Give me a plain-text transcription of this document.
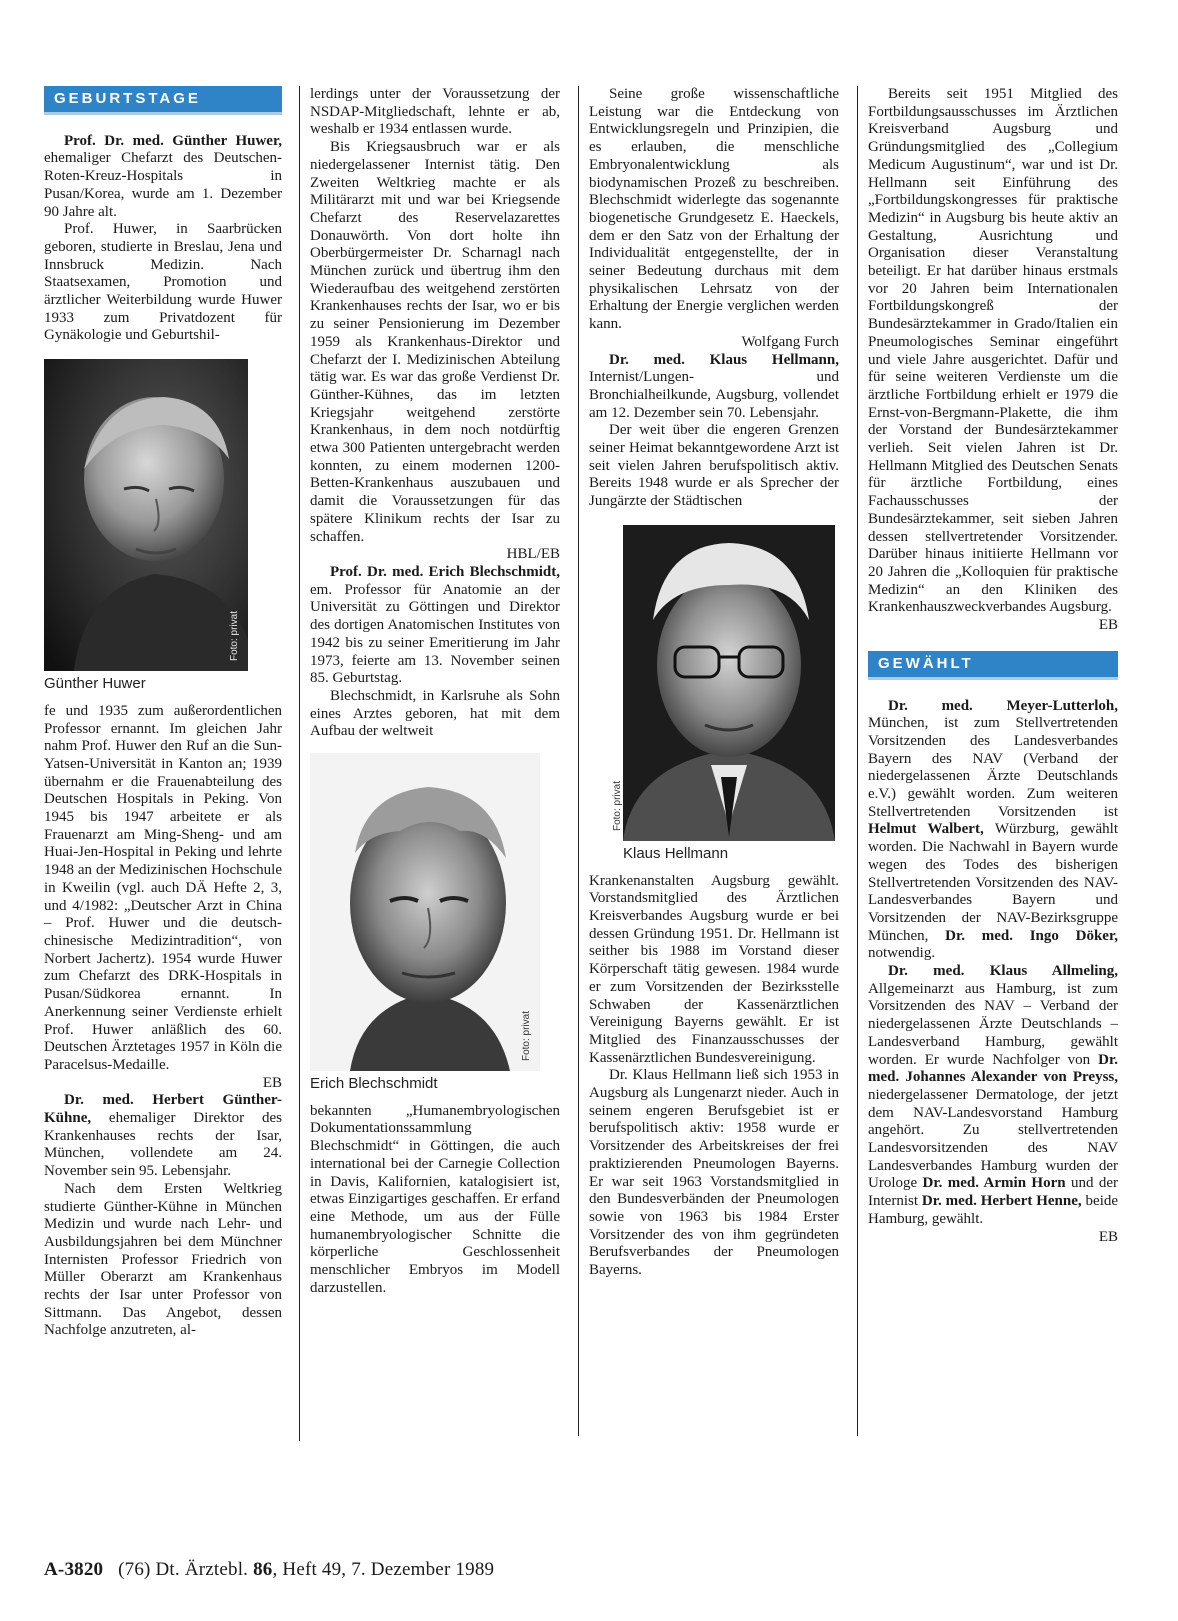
GEBURTSTAGE

Prof. Dr. med. Günther Huwer, ehemaliger Chefarzt des Deutschen-Roten-Kreuz-Hospitals in Pusan/Korea, wurde am 1. Dezember 90 Jahre alt.

Prof. Huwer, in Saarbrücken geboren, studierte in Breslau, Jena und Innsbruck Medizin. Nach Staatsexamen, Promotion und ärztlicher Weiterbildung wurde Huwer 1933 zum Privatdozent für Gynäkologie und Geburtshil-

Foto: privat
Günther Huwer

fe und 1935 zum außerordentlichen Professor ernannt. Im gleichen Jahr nahm Prof. Huwer den Ruf an die Sun-Yatsen-Universität in Kanton an; 1939 übernahm er die Frauenabteilung des Deutschen Hospitals in Peking. Von 1945 bis 1947 arbeitete er als Frauenarzt am Ming-Sheng- und am Huai-Jen-Hospital in Peking und lehrte 1948 an der Medizinischen Hochschule in Kweilin (vgl. auch DÄ Hefte 2, 3, und 4/1982: „Deutscher Arzt in China – Prof. Huwer und die deutsch-chinesische Medizintradition“, von Norbert Jachertz). 1954 wurde Huwer zum Chefarzt des DRK-Hospitals in Pusan/Südkorea ernannt. In Anerkennung seiner Verdienste erhielt Prof. Huwer anläßlich des 60. Deutschen Ärztetages 1957 in Köln die Paracelsus-Medaille.
EB

Dr. med. Herbert Günther-Kühne, ehemaliger Direktor des Krankenhauses rechts der Isar, München, vollendete am 24. November sein 95. Lebensjahr.

Nach dem Ersten Weltkrieg studierte Günther-Kühne in München Medizin und wurde nach Lehr- und Ausbildungsjahren bei dem Münchner Internisten Professor Friedrich von Müller Oberarzt am Krankenhaus rechts der Isar unter Professor von Sittmann. Das Angebot, dessen Nachfolge anzutreten, al-

lerdings unter der Voraussetzung der NSDAP-Mitgliedschaft, lehnte er ab, weshalb er 1934 entlassen wurde.

Bis Kriegsausbruch war er als niedergelassener Internist tätig. Den Zweiten Weltkrieg machte er als Militärarzt mit und war bei Kriegsende Chefarzt des Reservelazarettes Donauwörth. Von dort holte ihn Oberbürgermeister Dr. Scharnagl nach München zurück und übertrug ihm den Wiederaufbau des weitgehend zerstörten Krankenhauses rechts der Isar, wo er bis zu seiner Pensionierung im Dezember 1959 als Krankenhaus-Direktor und Chefarzt der I. Medizinischen Abteilung tätig war. Es war das große Verdienst Dr. Günther-Kühnes, das im letzten Kriegsjahr weitgehend zerstörte Krankenhaus, in dem noch notdürftig etwa 300 Patienten untergebracht werden konnten, zu einem modernen 1200-Betten-Krankenhaus auszubauen und damit die Voraussetzungen für das spätere Klinikum rechts der Isar zu schaffen.
HBL/EB

Prof. Dr. med. Erich Blechschmidt, em. Professor für Anatomie an der Universität zu Göttingen und Direktor des dortigen Anatomischen Institutes von 1942 bis zu seiner Emeritierung im Jahr 1973, feierte am 13. November seinen 85. Geburtstag.

Blechschmidt, in Karlsruhe als Sohn eines Arztes geboren, hat mit dem Aufbau der weltweit

Foto: privat
Erich Blechschmidt

bekannten „Humanembryologischen Dokumentationssammlung Blechschmidt“ in Göttingen, die auch international bei der Carnegie Collection in Davis, Kalifornien, katalogisiert ist, etwas Einzigartiges geschaffen. Er erfand eine Methode, um aus der Fülle humanembryologischer Schnitte die körperliche Geschlossenheit menschlicher Embryos im Modell darzustellen.

Seine große wissenschaftliche Leistung war die Entdeckung von Entwicklungsregeln und Prinzipien, die es erlauben, die menschliche Embryonalentwicklung als biodynamischen Prozeß zu beschreiben. Blechschmidt widerlegte das sogenannte biogenetische Grundgesetz E. Haeckels, dem er den Satz von der Erhaltung der Individualität entgegenstellte, der in seiner Bedeutung durchaus mit dem physikalischen Lehrsatz von der Erhaltung der Energie verglichen werden kann.
Wolfgang Furch

Dr. med. Klaus Hellmann, Internist/Lungen- und Bronchialheilkunde, Augsburg, vollendet am 12. Dezember sein 70. Lebensjahr.

Der weit über die engeren Grenzen seiner Heimat bekanntgewordene Arzt ist seit vielen Jahren berufspolitisch aktiv. Bereits 1948 wurde er als Sprecher der Jungärzte der Städtischen

Foto: privat
Klaus Hellmann

Krankenanstalten Augsburg gewählt. Vorstandsmitglied des Ärztlichen Kreisverbandes Augsburg wurde er bei dessen Gründung 1951. Dr. Hellmann ist seither bis 1988 im Vorstand dieser Körperschaft tätig gewesen. 1984 wurde er zum Vorsitzenden der Bezirksstelle Schwaben der Kassenärztlichen Vereinigung Bayerns gewählt. Er ist Mitglied des Finanzausschusses der Kassenärztlichen Bundesvereinigung.

Dr. Klaus Hellmann ließ sich 1953 in Augsburg als Lungenarzt nieder. Auch in seinem engeren Berufsgebiet ist er berufspolitisch aktiv: 1958 wurde er Vorsitzender des Arbeitskreises der frei praktizierenden Pneumologen Bayerns. Er war seit 1963 Vorstandsmitglied in den Bundesverbänden der Pneumologen sowie von 1963 bis 1984 Erster Vorsitzender des von ihm gegründeten Berufsverbandes der Pneumologen Bayerns.

Bereits seit 1951 Mitglied des Fortbildungsausschusses im Ärztlichen Kreisverband Augsburg und Gründungsmitglied des „Collegium Medicum Augustinum“, war und ist Dr. Hellmann seit Einführung des „Fortbildungskongresses für praktische Medizin“ in Augsburg bis heute aktiv an Gestaltung, Ausrichtung und Organisation dieser Veranstaltung beteiligt. Er hat darüber hinaus erstmals vor 20 Jahren beim Internationalen Fortbildungskongreß der Bundesärztekammer in Grado/Italien ein Pneumologisches Seminar eingeführt und viele Jahre ausgerichtet. Dafür und für seine weiteren Verdienste um die ärztliche Fortbildung erhielt er 1979 die Ernst-von-Bergmann-Plakette, die ihm der Vorstand der Bundesärztekammer verlieh. Seit vielen Jahren ist Dr. Hellmann Mitglied des Deutschen Senats für ärztliche Fortbildung, eines Fachausschusses der Bundesärztekammer, seit sieben Jahren dessen stellvertretender Vorsitzender. Darüber hinaus initiierte Hellmann vor 20 Jahren die „Kolloquien für praktische Medizin“ an den Kliniken des Krankenhauszweckverbandes Augsburg.
EB

GEWÄHLT

Dr. med. Meyer-Lutterloh, München, ist zum Stellvertretenden Vorsitzenden des Landesverbandes Bayern des NAV (Verband der niedergelassenen Ärzte Deutschlands e.V.) gewählt worden. Zum weiteren Stellvertretenden Vorsitzenden ist Helmut Walbert, Würzburg, gewählt worden. Die Nachwahl in Bayern wurde wegen des Todes des bisherigen Stellvertretenden Vorsitzenden des NAV-Landesverbandes Bayern und Vorsitzenden der NAV-Bezirksgruppe München, Dr. med. Ingo Döker, notwendig.

Dr. med. Klaus Allmeling, Allgemeinarzt aus Hamburg, ist zum Vorsitzenden des NAV – Verband der niedergelassenen Ärzte Deutschlands – Landesverband Hamburg, gewählt worden. Er wurde Nachfolger von Dr. med. Johannes Alexander von Preyss, niedergelassener Dermatologe, der jetzt dem NAV-Landesvorstand Hamburg angehört. Zu stellvertretenden Landesvorsitzenden des NAV Landesverbandes Hamburg wurden der Urologe Dr. med. Armin Horn und der Internist Dr. med. Herbert Henne, beide Hamburg, gewählt.
EB

A-3820 (76) Dt. Ärztebl. 86, Heft 49, 7. Dezember 1989
